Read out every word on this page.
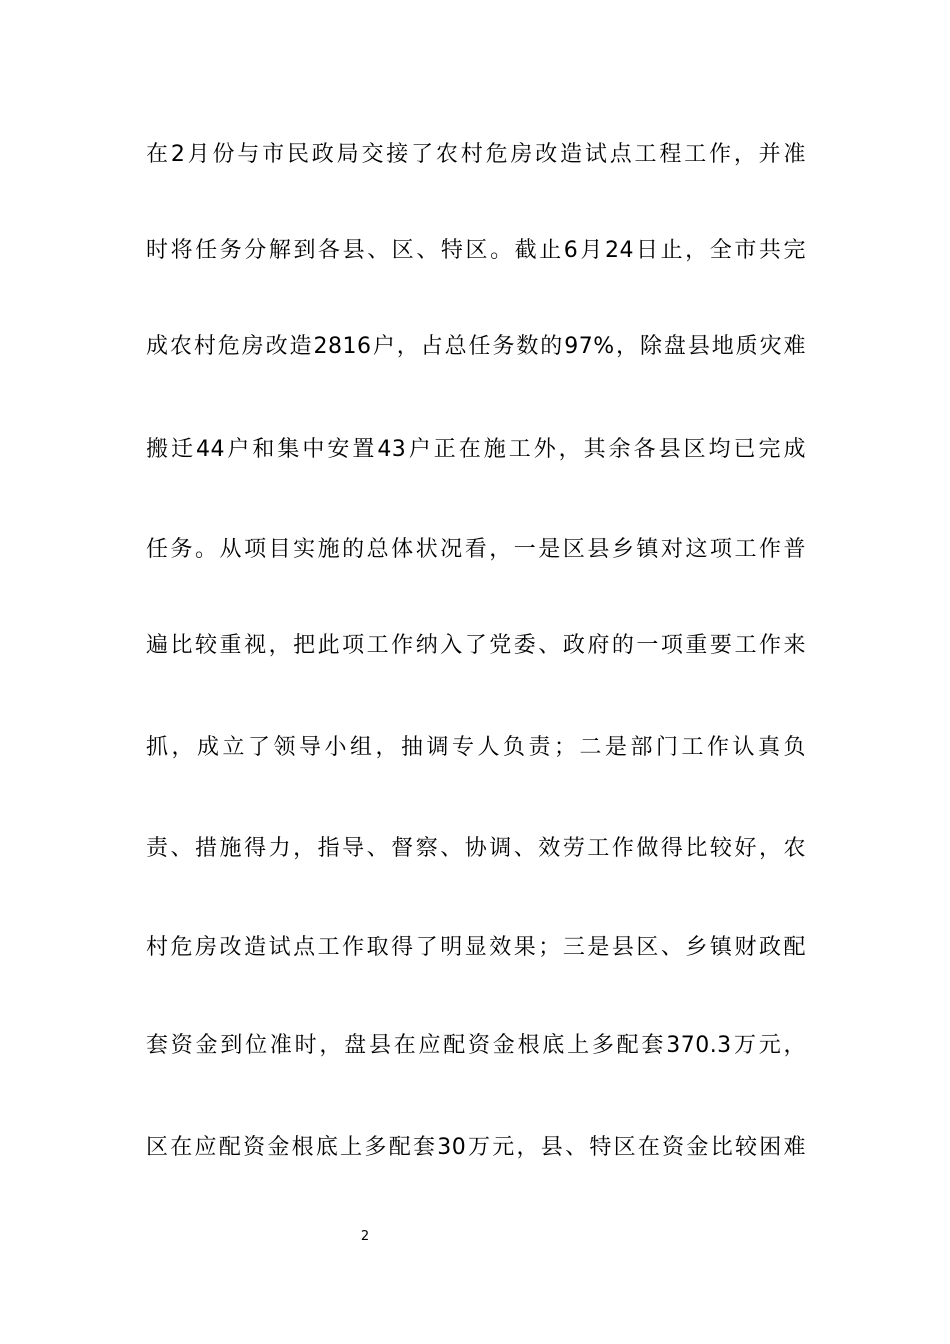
在2月份与市民政局交接了农村危房改造试点工程工作，并准
时将任务分解到各县、区、特区。截止6月24日止，全市共完
成农村危房改造2816户，占总任务数的97%，除盘县地质灾难
搬迁44户和集中安置43户正在施工外，其余各县区均已完成
任务。从项目实施的总体状况看，一是区县乡镇对这项工作普
遍比较重视，把此项工作纳入了党委、政府的一项重要工作来
抓，成立了领导小组，抽调专人负责；二是部门工作认真负
责、措施得力，指导、督察、协调、效劳工作做得比较好，农
村危房改造试点工作取得了明显效果；三是县区、乡镇财政配
套资金到位准时，盘县在应配资金根底上多配套370.3万元，
区在应配资金根底上多配套30万元，县、特区在资金比较困难
2
